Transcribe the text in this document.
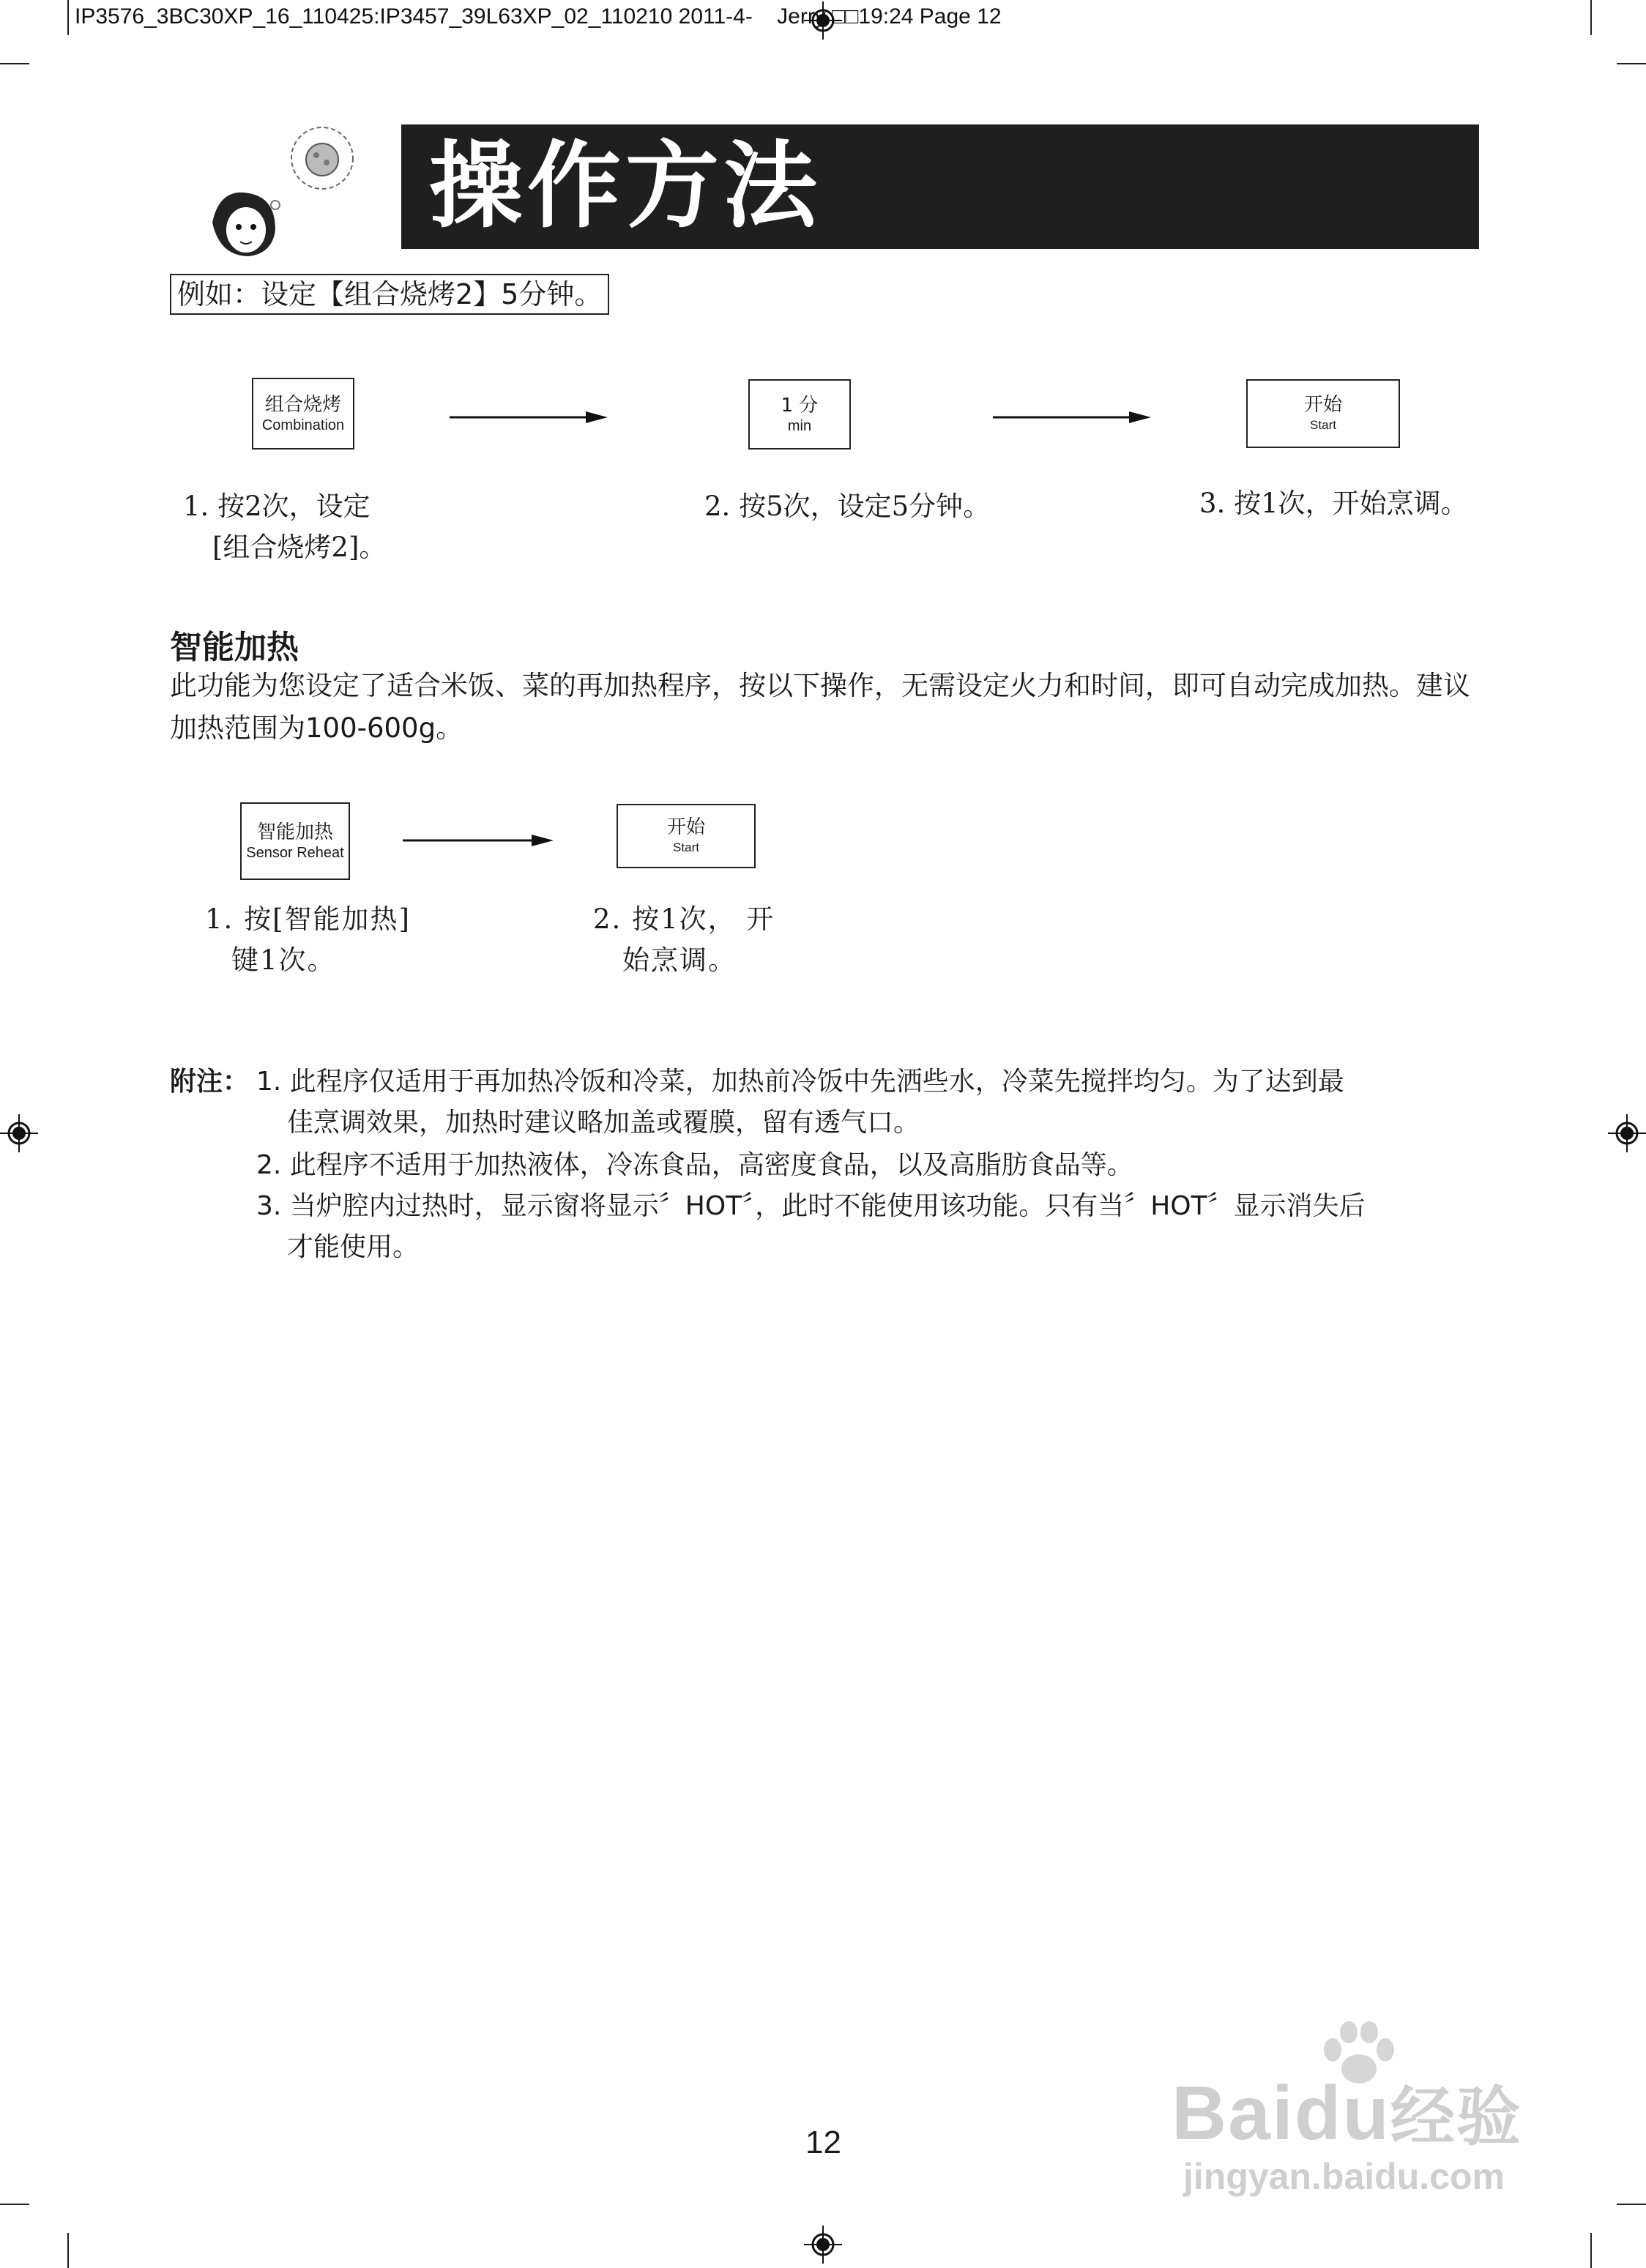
IP3576_3BC30XP_16_110425:IP3457_39L63XP_02_110210 2011-4-    Jerry □□19:24 Page 12
操作方法
例如：设定【组合烧烤2】5分钟。
组合烧烤
Combination
1 分
min
开始
Start
1. 按2次，设定
[组合烧烤2]。
2. 按5次，设定5分钟。	3. 按1次，开始烹调。
智能加热
此功能为您设定了适合米饭、菜的再加热程序，按以下操作，无需设定火力和时间，即可自动完成加热。建议加热范围为100-600g。
智能加热
Sensor Reheat
开始
Start
1. 按[智能加热]
键1次。
2. 按1次， 开
始烹调。
附注： 1. 此程序仅适用于再加热冷饭和冷菜，加热前冷饭中先洒些水，冷菜先搅拌均匀。为了达到最
佳烹调效果，加热时建议略加盖或覆膜，留有透气口。
2. 此程序不适用于加热液体，冷冻食品，高密度食品，以及高脂肪食品等。
3. 当炉腔内过热时，显示窗将显示〞HOT〞，此时不能使用该功能。只有当〞HOT〞显示消失后
才能使用。
12	Baidu经验
jingyan.baidu.com
